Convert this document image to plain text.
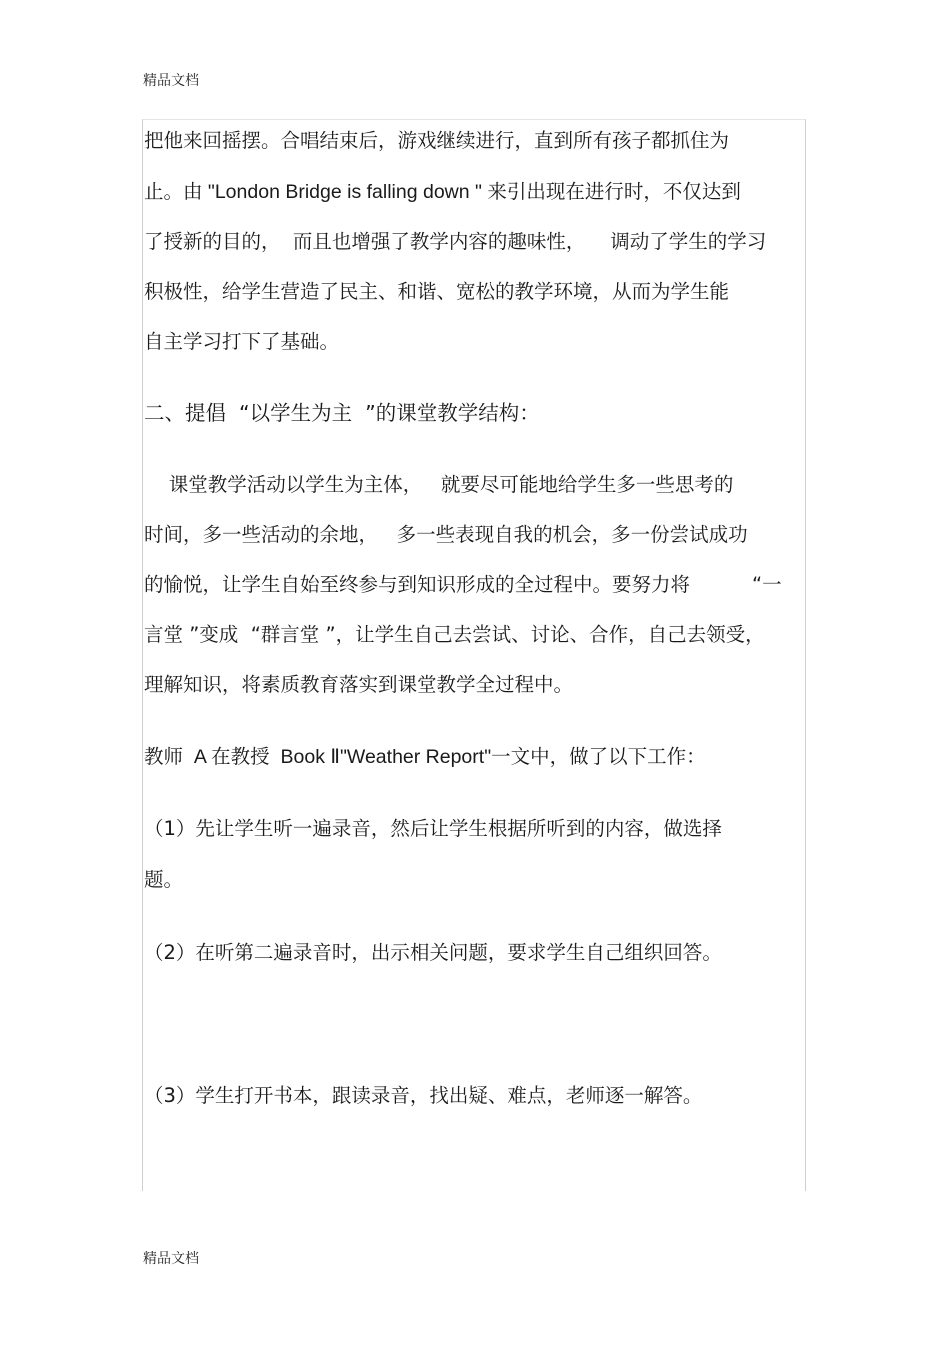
精品文档
把他来回摇摆。合唱结束后，游戏继续进行，直到所有孩子都抓住为
止。由 "London Bridge is falling down " 来引出现在进行时，不仅达到
了授新的目的，  而且也增强了教学内容的趣味性，    调动了学生的学习
积极性，给学生营造了民主、和谐、宽松的教学环境，从而为学生能
自主学习打下了基础。
二、提倡  “以学生为主  ”的课堂教学结构：
课堂教学活动以学生为主体，   就要尽可能地给学生多一些思考的
时间，多一些活动的余地，   多一些表现自我的机会，多一份尝试成功
的愉悦，让学生自始至终参与到知识形成的全过程中。要努力将          “一
言堂 ”变成  “群言堂 ”，让学生自己去尝试、讨论、合作，自己去领受，
理解知识，将素质教育落实到课堂教学全过程中。
教师  A 在教授  Book Ⅱ"Weather Report"一文中，做了以下工作：
（1）先让学生听一遍录音，然后让学生根据所听到的内容，做选择
题。
（2）在听第二遍录音时，出示相关问题，要求学生自己组织回答。
（3）学生打开书本，跟读录音，找出疑、难点，老师逐一解答。
精品文档
